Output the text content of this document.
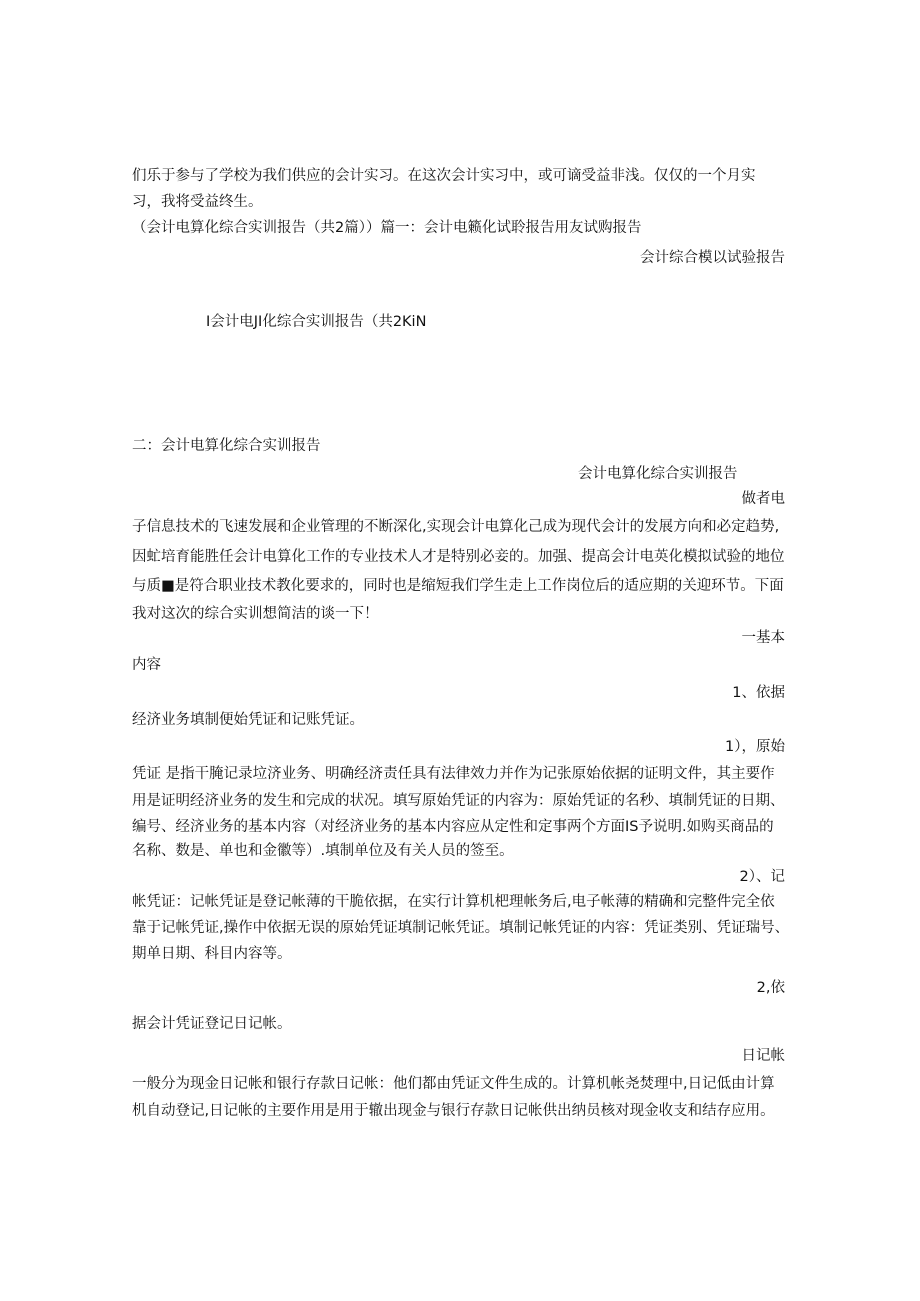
们乐于参与了学校为我们供应的会计实习。在这次会计实习中，或可谪受益非浅。仅仅的一个月实
习，我将受益终生。
（会计电算化综合实训报告（共2篇））篇一：会计电籁化试聆报告用友试购报告
会计综合模以试验报告
I会计电JI化综合实训报告（共2KiN
二：会计电算化综合实训报告
会计电算化综合实训报告
做者电
子信息技术的飞速发展和企业管理的不断深化,实现会计电算化己成为现代会计的发展方向和必定趋势,
因虻培育能胜任会计电算化工作的专业技术人才是特别必妾的。加强、提高会计电英化模拟试验的地位
与质■是符合职业技术教化要求的，同时也是缩短我们学生走上工作岗位后的适应期的关迎环节。下面
我对这次的综合实训想简洁的谈一下！
一基本
内容
1、依据
经济业务填制便始凭证和记账凭证。
1），原始
凭证 是指干腌记录垃济业务、明确经济责任具有法律效力并作为记张原始依据的证明文件，其主要作
用是证明经济业务的发生和完成的状况。填写原始凭证的内容为：原始凭证的名秒、填制凭证的日期、
编号、经济业务的基本内容（对经济业务的基本内容应从定性和定事两个方面IS予说明.如购买商品的
名称、数是、单也和金徽等）.填制单位及有关人员的签至。
2）、记
帐凭证：记帐凭证是登记帐薄的干脆依据，在实行计算机杷理帐务后,电子帐薄的精确和完整件完全依
靠于记帐凭证,操作中依据无误的原始凭证填制记帐凭证。填制记帐凭证的内容：凭证类别、凭证瑞号、
期单日期、科目内容等。
2,依
据会计凭证登记日记帐。
日记帐
一般分为现金日记帐和银行存款日记帐：他们都由凭证文件生成的。计算机帐尧焚理中,日记低由计算
机自动登记,日记帐的主要作用是用于辙出现金与银行存款日记帐供出纳员核对现金收支和结存应用。
